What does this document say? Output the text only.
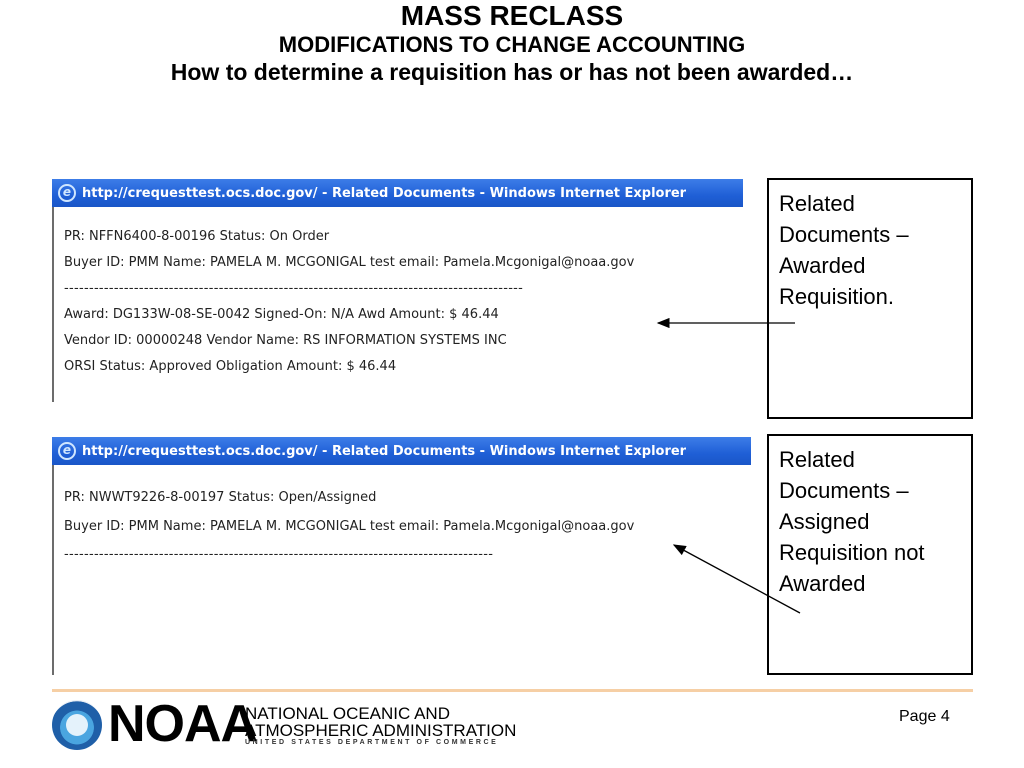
MASS RECLASS
MODIFICATIONS TO CHANGE ACCOUNTING
How to determine a requisition has or has not been awarded…
e http://crequesttest.ocs.doc.gov/ - Related Documents - Windows Internet Explorer
PR: NFFN6400-8-00196 Status: On Order
Buyer ID: PMM Name: PAMELA M. MCGONIGAL test email: Pamela.Mcgonigal@noaa.gov
--------------------------------------------------------------------------------------------
Award: DG133W-08-SE-0042 Signed-On: N/A Awd Amount: $ 46.44
Vendor ID: 00000248 Vendor Name: RS INFORMATION SYSTEMS INC
ORSI Status: Approved Obligation Amount: $ 46.44
e http://crequesttest.ocs.doc.gov/ - Related Documents - Windows Internet Explorer
PR: NWWT9226-8-00197 Status: Open/Assigned
Buyer ID: PMM Name: PAMELA M. MCGONIGAL test email: Pamela.Mcgonigal@noaa.gov
--------------------------------------------------------------------------------------
Related Documents – Awarded Requisition.
Related Documents – Assigned Requisition not Awarded
NOAA
NATIONAL OCEANIC AND
ATMOSPHERIC ADMINISTRATION
UNITED STATES DEPARTMENT OF COMMERCE
Page 4
